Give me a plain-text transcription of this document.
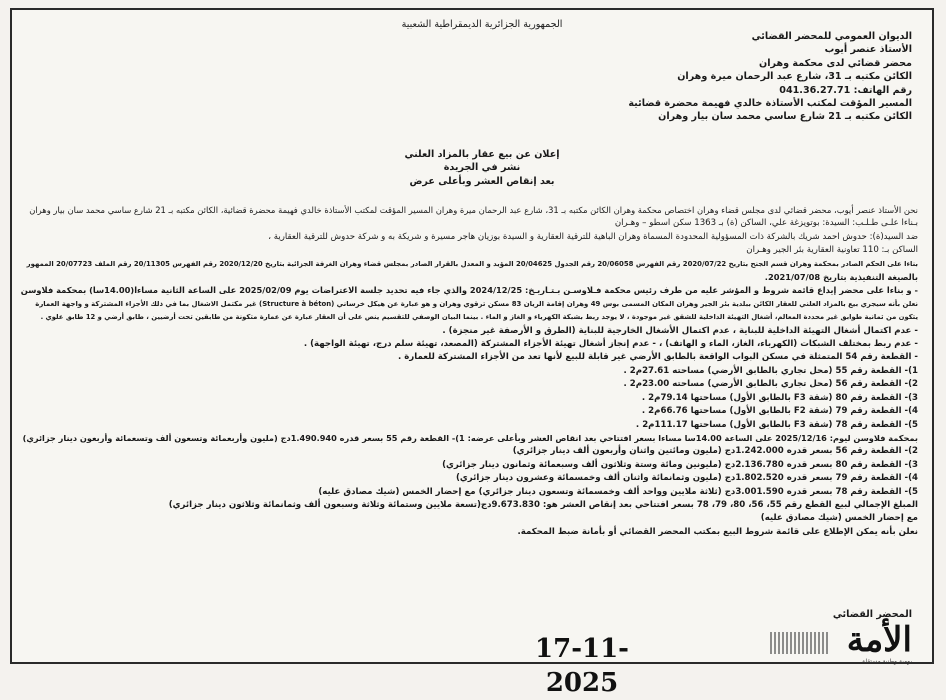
الجمهورية الجزائرية الديمقراطية الشعبية
الديوان العمومي للمحضر القضائي
الأستاذ عنصر أيوب
محضر قضائي لدى محكمة وهران
الكائن مكتبه بـ 31، شارع عبد الرحمان ميرة وهران
رقم الهاتف: 041.36.27.71
المسير المؤقت لمكتب الأستاذة خالدي فهيمة محضرة قضائية
الكائن مكتبه بـ 21 شارع ساسي محمد سان بيار وهران
إعلان عن بيع عقار بالمزاد العلني
نشر في الجريدة
بعد إنقاص العشر وبأعلى عرض
نحن الأستاذ عنصر أيوب، محضر قضائي لدى مجلس قضاء وهران اختصاص محكمة وهران الكائن مكتبه بـ 31، شارع عبد الرحمان ميرة وهران المسير المؤقت لمكتب الأستاذة خالدي فهيمة محضرة قضائية، الكائن مكتبه بـ 21 شارع ساسي محمد سان بيار وهران
بـناءا علـى طـلـب: السيدة: بوتويزغة علي، الساكن (ة) بـ 1363 سكن اسطو – وهـران
ضد السيد(ة): حدوش احمد شريك بالشركة ذات المسؤولية المحدودة المسماة وهران الباهية للترقية العقارية و السيدة بوزيان هاجر مسيرة و شريكة به و شركة حدوش للترقية العقارية ،
الساكن بـ: 110 تعاونية العقارية بئر الجير وهـران
بناءا على الحكم الصادر بمحكمة وهران قسم الجنح بتاريخ 2020/07/22 رقم الفهرس 20/06058 رقم الجدول 20/04625 المؤيد و المعدل بالقرار الصادر بمجلس قضاء وهران الغرفة الجزائية بتاريخ 2020/12/20 رقم الفهرس 20/11305 رقم الملف 20/07723 الممهور
بالصيغة التنفيذية بتاريخ 2021/07/08.
- و بناءا على محضر إيداع قائمة شروط و المؤشر عليه من طرف رئيس محكمة فـلاوسـن بـتـاريـخ: 2024/12/25 والذي جاء فيه تحديد جلسة الاعتراضات يوم 2025/02/09 على الساعة الثانية مساءا(14.00سا) بمحكمة فلاوسن
نعلن بأنه سيجري بيع بالمزاد العلني للعقار الكائن ببلدية بئر الجير وهران المكان المسمى بوس 49 وهران إقامة الريان 83 مسكن ترقوي وهران و هو عبارة عن هيكل خرساني (Structure à béton) غير مكتمل الاشغال بما في ذلك الأجزاء المشتركة و واجهة العمارة
يتكون من ثمانية طوابق غير محددة المعالم، أشغال التهيئة الداخلية للشقق غير موجودة ، لا يوجد ربط بشبكة الكهرباء و الغاز و الماء . بينما البيان الوصفي للتقسيم ينص على أن العقار عبارة عن عمارة متكونة من طابقين تحت أرضيين ، طابق أرضي و 12 طابق علوي .
- عدم اكتمال أشغال التهيئة الداخلية للبناية ، عدم اكتمال الأشغال الخارجية للبناية (الطرق و الأرصفة غير منجزة) .
- عدم ربط بمختلف الشبكات (الكهرباء، الغاز، الماء و الهاتف) ، - عدم إنجاز أشغال تهيئة الأجزاء المشتركة (المصعد، تهيئة سلم درج، تهيئة الواجهة) .
- القطعة رقم 54 المتمثلة في مسكن البواب الواقعة بالطابق الأرضي غير قابلة للبيع لأنها تعد من الأجزاء المشتركة للعمارة .
1)- القطعة رقم 55 (محل تجاري بالطابق الأرضي) مساحته 27.61م2 .
2)- القطعة رقم 56 (محل تجاري بالطابق الأرضي) مساحته 23.00م2 .
3)- القطعة رقم 80 (شقة F3 بالطابق الأول) مساحتها 79.14م2 .
4)- القطعة رقم 79 (شقة F2 بالطابق الأول) مساحتها 66.76م2 .
5)- القطعة رقم 78 (شقة F3 بالطابق الأول) مساحتها 111.17م2 .
بمحكمة فلاوسن ليوم: 2025/12/16 على الساعة 14.00سا مساءا بسعر افتتاحي بعد انقاص العشر وبأعلى عرضه: 1)- القطعة رقم 55 بسعر قدره 1.490.940دج (مليون وأربعمائة وتسعون ألف وتسعمائة وأربعون دينار جزائري)
2)- القطعة رقم 56 بسعر قدره 1.242.000دج (مليون ومائتين واثنان وأربعون ألف دينار جزائري)
3)- القطعة رقم 80 بسعر قدره 2.136.780دج (مليونين ومائة وستة وثلاثون ألف وسبعمائة وثمانون دينار جزائري)
4)- القطعة رقم 79 بسعر قدره 1.802.520دج (مليون وثمانمائة واثنان ألف وخمسمائة وعشرون دينار جزائري)
5)- القطعة رقم 78 بسعر قدره 3.001.590دج (ثلاثة ملايين وواحد ألف وخمسمائة وتسعون دينار جزائري) مع إحضار الخمس (شيك مصادق عليه)
المبلغ الإجمالي لبيع القطع رقم 55، 56، 80، 79، 78 بسعر افتتاحي بعد إنقاص العشر هو: 9.673.830دج(تسعة ملايين وستمائة وثلاثة وسبعون ألف وثمانمائة وثلاثون دينار جزائري)
مع إحضار الخمس (شيك مصادق عليه)
نعلن بأنه يمكن الإطلاع على قائمة شروط البيع بمكتب المحضر القضائي أو بأمانة ضبط المحكمة.
المحضر القضائي
17-11-2025
الأمة
يومية وطنية مستقلة
